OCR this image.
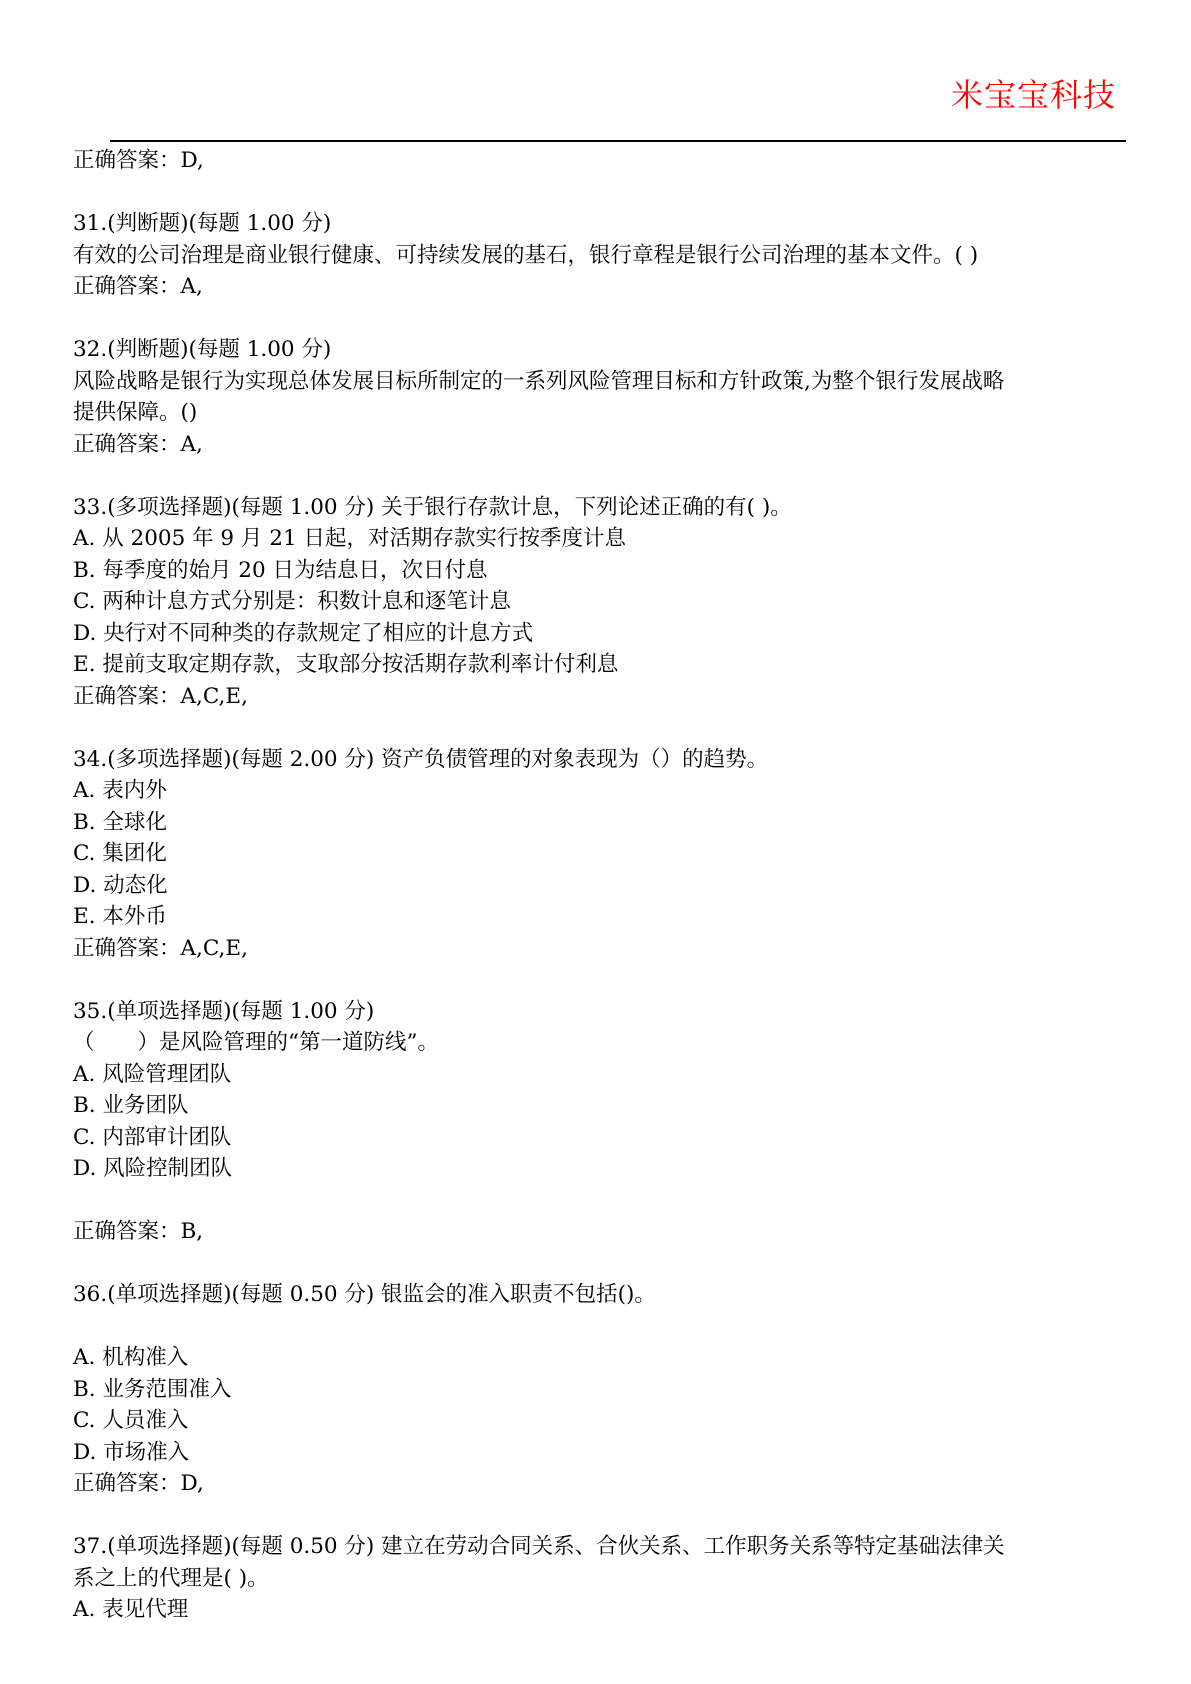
米宝宝科技
正确答案：D,
31.(判断题)(每题 1.00 分)
有效的公司治理是商业银行健康、可持续发展的基石，银行章程是银行公司治理的基本文件。( )
正确答案：A,
32.(判断题)(每题 1.00 分)
风险战略是银行为实现总体发展目标所制定的一系列风险管理目标和方针政策,为整个银行发展战略
提供保障。()
正确答案：A,
33.(多项选择题)(每题 1.00 分) 关于银行存款计息，下列论述正确的有( )。
A. 从 2005 年 9 月 21 日起，对活期存款实行按季度计息
B. 每季度的始月 20 日为结息日，次日付息
C. 两种计息方式分别是：积数计息和逐笔计息
D. 央行对不同种类的存款规定了相应的计息方式
E. 提前支取定期存款，支取部分按活期存款利率计付利息
正确答案：A,C,E,
34.(多项选择题)(每题 2.00 分) 资产负债管理的对象表现为（）的趋势。
A. 表内外
B. 全球化
C. 集团化
D. 动态化
E. 本外币
正确答案：A,C,E,
35.(单项选择题)(每题 1.00 分)
（　　）是风险管理的“第一道防线”。
A. 风险管理团队
B. 业务团队
C. 内部审计团队
D. 风险控制团队
正确答案：B,
36.(单项选择题)(每题 0.50 分) 银监会的准入职责不包括()。
A. 机构准入
B. 业务范围准入
C. 人员准入
D. 市场准入
正确答案：D,
37.(单项选择题)(每题 0.50 分) 建立在劳动合同关系、合伙关系、工作职务关系等特定基础法律关
系之上的代理是( )。
A. 表见代理
